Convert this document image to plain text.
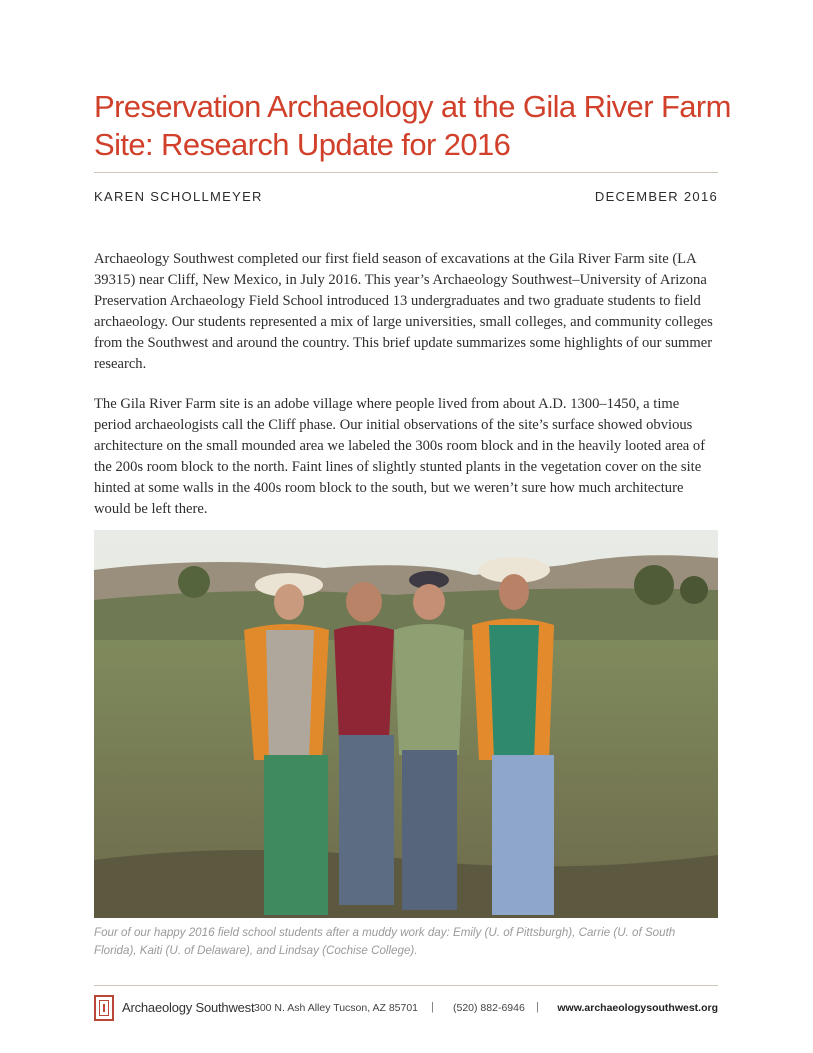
Preservation Archaeology at the Gila River Farm Site: Research Update for 2016
KAREN SCHOLLMEYER	DECEMBER 2016

Archaeology Southwest completed our first field season of excavations at the Gila River Farm site (LA 39315) near Cliff, New Mexico, in July 2016. This year’s Archaeology Southwest–University of Arizona Preservation Archaeology Field School introduced 13 undergraduates and two graduate students to field archaeology. Our students represented a mix of large universities, small colleges, and community colleges from the Southwest and around the country. This brief update summarizes some highlights of our summer research.

The Gila River Farm site is an adobe village where people lived from about A.D. 1300–1450, a time period archaeologists call the Cliff phase. Our initial observations of the site’s surface showed obvious architecture on the small mounded area we labeled the 300s room block and in the heavily looted area of the 200s room block to the north. Faint lines of slightly stunted plants in the vegetation cover on the site hinted at some walls in the 400s room block to the south, but we weren’t sure how much architecture would be left there.

Four of our happy 2016 field school students after a muddy work day: Emily (U. of Pittsburgh), Carrie (U. of South Florida), Kaiti (U. of Delaware), and Lindsay (Cochise College).

Archaeology Southwest 300 N. Ash Alley Tucson, AZ 85701 | (520) 882-6946 | www.archaeologysouthwest.org
